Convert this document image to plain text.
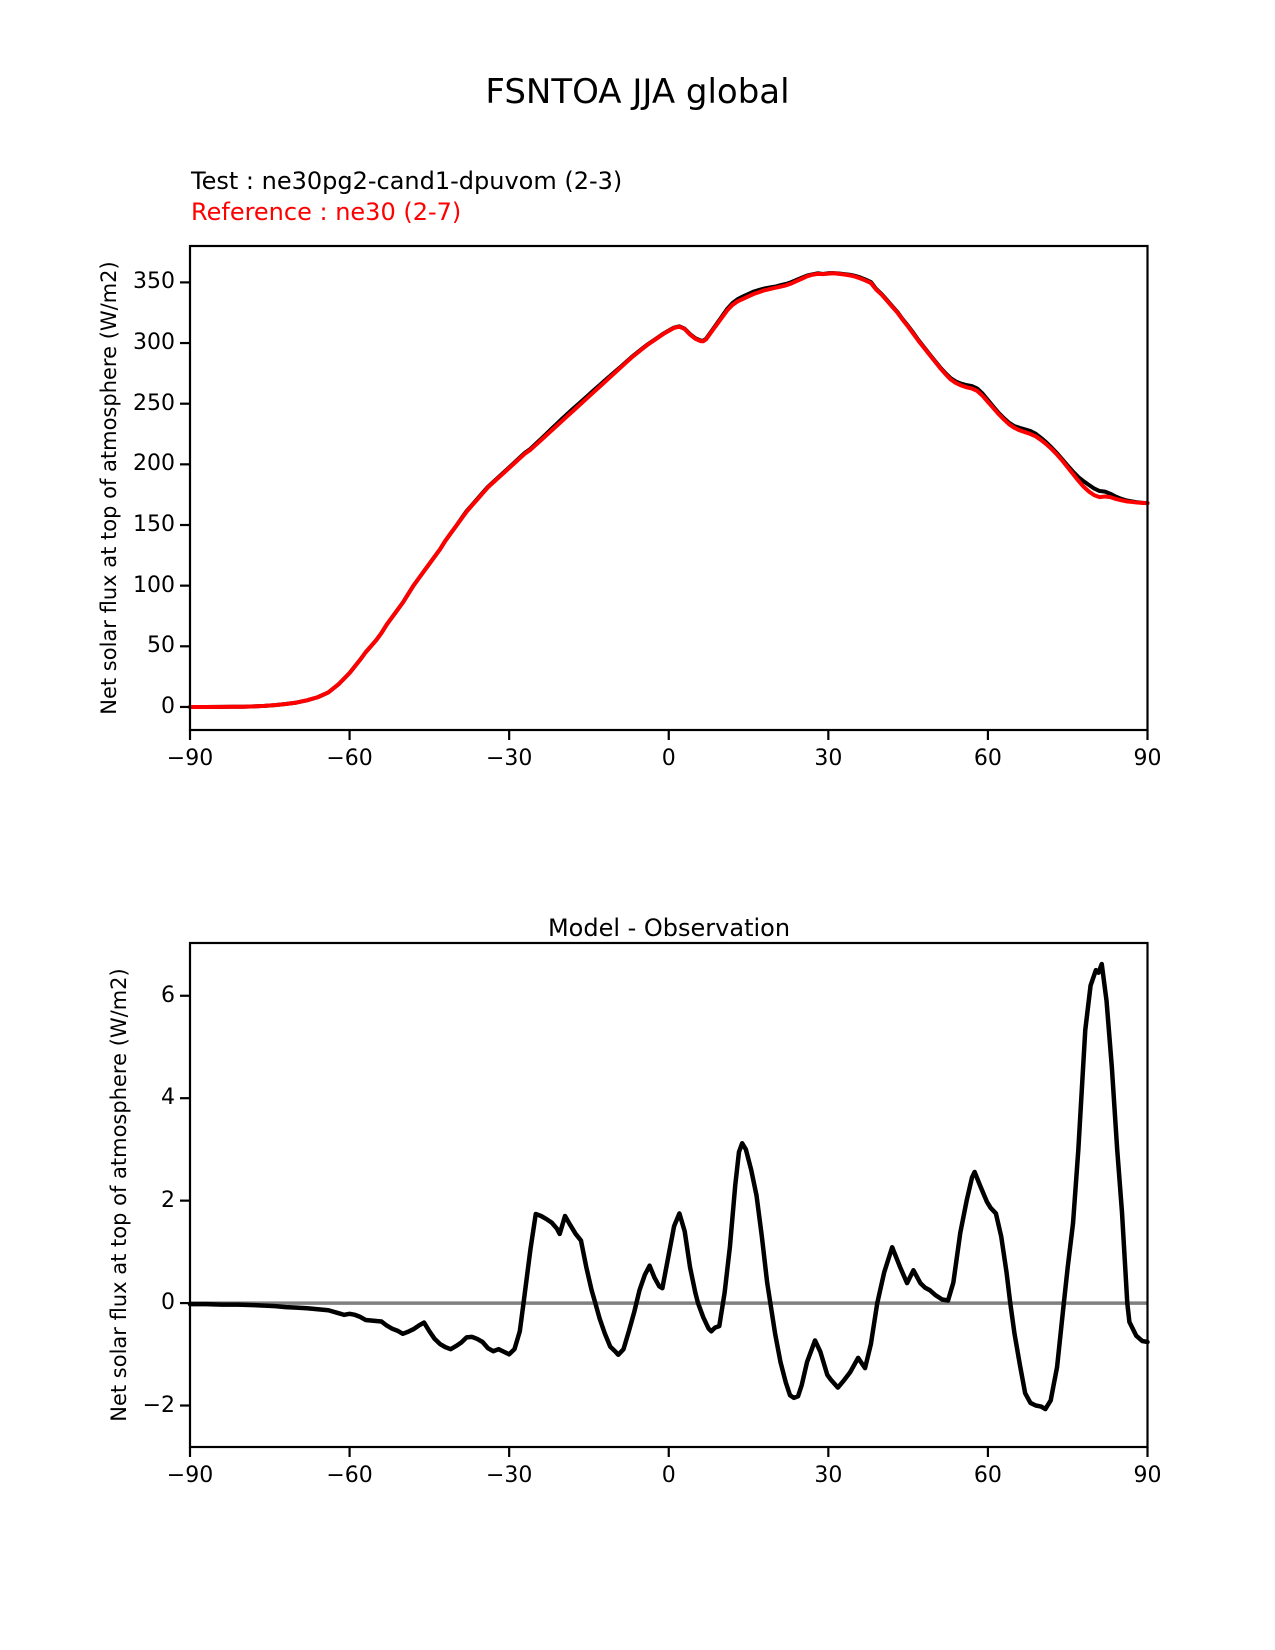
FSNTOA JJA global
Test : ne30pg2-cand1-dpuvom (2-3)
Reference : ne30 (2-7)
Net solar flux at top of atmosphere (W/m2)
Net solar flux at top of atmosphere (W/m2)
Model - Observation
−90	−60	−30	0	30	60	90
0
50
100
150
200
250
300
350
−90	−60	−30	0	30	60	90
−2
0
2
4
6
